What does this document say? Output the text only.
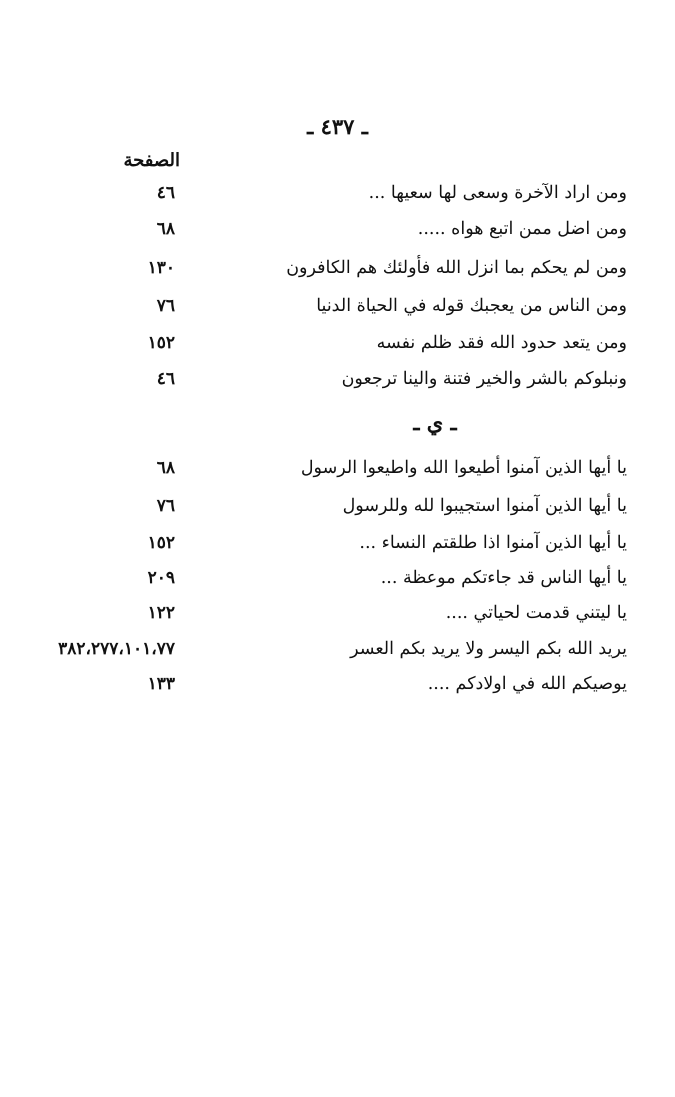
ـ ٤٣٧ ـ
الصفحة
ومن اراد الآخرة وسعى لها سعيها ...
٤٦
ومن اضل ممن اتبع هواه .....
٦٨
ومن لم يحكم بما انزل الله فأولئك هم الكافرون
١٣٠
ومن الناس من يعجبك قوله في الحياة الدنيا
٧٦
ومن يتعد حدود الله فقد ظلم نفسه
١٥٢
ونبلوكم بالشر والخير فتنة والينا ترجعون
٤٦
ـ ي ـ
يا أيها الذين آمنوا أطيعوا الله واطيعوا الرسول
٦٨
يا أيها الذين آمنوا استجيبوا لله وللرسول
٧٦
يا أيها الذين آمنوا اذا طلقتم النساء ...
١٥٢
يا أيها الناس قد جاءتكم موعظة ...
٢٠٩
يا ليتني قدمت لحياتي ....
١٢٢
يريد الله بكم اليسر ولا يريد بكم العسر
٣٨٢،٢٧٧،١٠١،٧٧
يوصيكم الله في اولادكم ....
١٣٣
